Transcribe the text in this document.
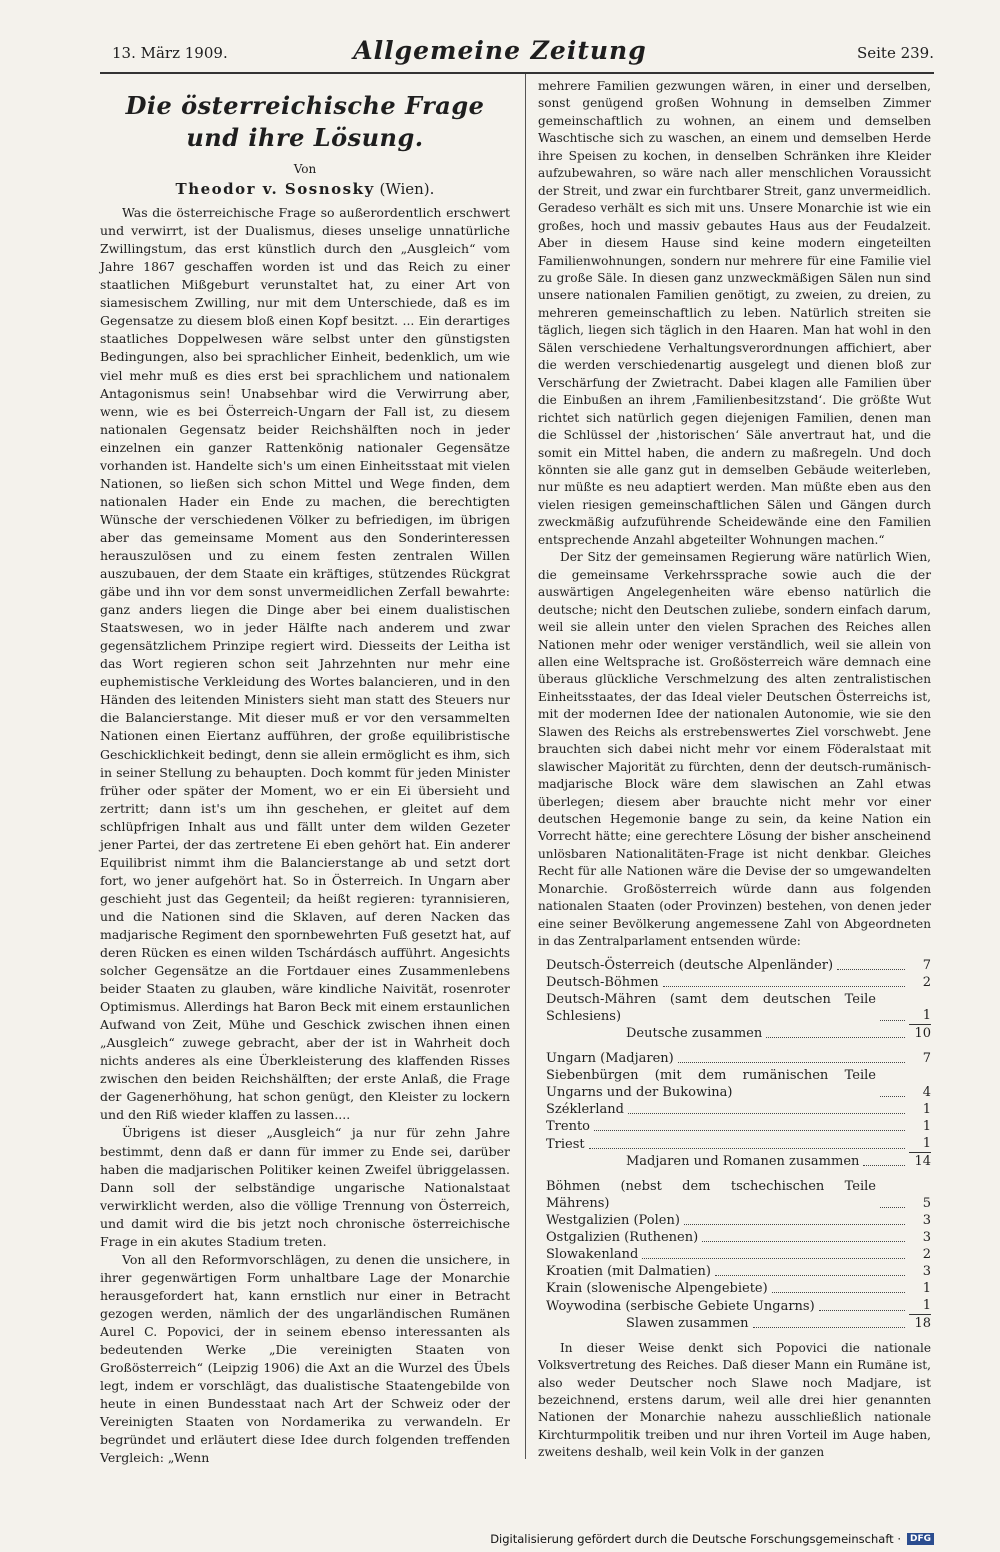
13. März 1909.	Allgemeine Zeitung	Seite 239.
Die österreichische Frage und ihre Lösung.
Von
Theodor v. Sosnosky (Wien).

Was die österreichische Frage so außerordentlich erschwert und verwirrt, ist der Dualismus, dieses unselige unnatürliche Zwillingstum, das erst künstlich durch den „Ausgleich“ vom Jahre 1867 geschaffen worden ist und das Reich zu einer staatlichen Mißgeburt verunstaltet hat, zu einer Art von siamesischem Zwilling, nur mit dem Unterschiede, daß es im Gegensatze zu diesem bloß einen Kopf besitzt. ... Ein derartiges staatliches Doppelwesen wäre selbst unter den günstigsten Bedingungen, also bei sprachlicher Einheit, bedenklich, um wie viel mehr muß es dies erst bei sprachlichem und nationalem Antagonismus sein! Unabsehbar wird die Verwirrung aber, wenn, wie es bei Österreich-Ungarn der Fall ist, zu diesem nationalen Gegensatz beider Reichshälften noch in jeder einzelnen ein ganzer Rattenkönig nationaler Gegensätze vorhanden ist. Handelte sich's um einen Einheitsstaat mit vielen Nationen, so ließen sich schon Mittel und Wege finden, dem nationalen Hader ein Ende zu machen, die berechtigten Wünsche der verschiedenen Völker zu befriedigen, im übrigen aber das gemeinsame Moment aus den Sonderinteressen herauszulösen und zu einem festen zentralen Willen auszubauen, der dem Staate ein kräftiges, stützendes Rückgrat gäbe und ihn vor dem sonst unvermeidlichen Zerfall bewahrte: ganz anders liegen die Dinge aber bei einem dualistischen Staatswesen, wo in jeder Hälfte nach anderem und zwar gegensätzlichem Prinzipe regiert wird. Diesseits der Leitha ist das Wort regieren schon seit Jahrzehnten nur mehr eine euphemistische Verkleidung des Wortes balancieren, und in den Händen des leitenden Ministers sieht man statt des Steuers nur die Balancierstange. Mit dieser muß er vor den versammelten Nationen einen Eiertanz aufführen, der große equilibristische Geschicklichkeit bedingt, denn sie allein ermöglicht es ihm, sich in seiner Stellung zu behaupten. Doch kommt für jeden Minister früher oder später der Moment, wo er ein Ei übersieht und zertritt; dann ist's um ihn geschehen, er gleitet auf dem schlüpfrigen Inhalt aus und fällt unter dem wilden Gezeter jener Partei, der das zertretene Ei eben gehört hat. Ein anderer Equilibrist nimmt ihm die Balancierstange ab und setzt dort fort, wo jener aufgehört hat. So in Österreich. In Ungarn aber geschieht just das Gegenteil; da heißt regieren: tyrannisieren, und die Nationen sind die Sklaven, auf deren Nacken das madjarische Regiment den spornbewehrten Fuß gesetzt hat, auf deren Rücken es einen wilden Tschárdásch aufführt. Angesichts solcher Gegensätze an die Fortdauer eines Zusammenlebens beider Staaten zu glauben, wäre kindliche Naivität, rosenroter Optimismus. Allerdings hat Baron Beck mit einem erstaunlichen Aufwand von Zeit, Mühe und Geschick zwischen ihnen einen „Ausgleich“ zuwege gebracht, aber der ist in Wahrheit doch nichts anderes als eine Überkleisterung des klaffenden Risses zwischen den beiden Reichshälften; der erste Anlaß, die Frage der Gagenerhöhung, hat schon genügt, den Kleister zu lockern und den Riß wieder klaffen zu lassen....

Übrigens ist dieser „Ausgleich“ ja nur für zehn Jahre bestimmt, denn daß er dann für immer zu Ende sei, darüber haben die madjarischen Politiker keinen Zweifel übriggelassen. Dann soll der selbständige ungarische Nationalstaat verwirklicht werden, also die völlige Trennung von Österreich, und damit wird die bis jetzt noch chronische österreichische Frage in ein akutes Stadium treten.

Von all den Reformvorschlägen, zu denen die unsichere, in ihrer gegenwärtigen Form unhaltbare Lage der Monarchie herausgefordert hat, kann ernstlich nur einer in Betracht gezogen werden, nämlich der des ungarländischen Rumänen Aurel C. Popovici, der in seinem ebenso interessanten als bedeutenden Werke „Die vereinigten Staaten von Großösterreich“ (Leipzig 1906) die Axt an die Wurzel des Übels legt, indem er vorschlägt, das dualistische Staatengebilde von heute in einen Bundesstaat nach Art der Schweiz oder der Vereinigten Staaten von Nordamerika zu verwandeln. Er begründet und erläutert diese Idee durch folgenden treffenden Vergleich: „Wenn

mehrere Familien gezwungen wären, in einer und derselben, sonst genügend großen Wohnung in demselben Zimmer gemeinschaftlich zu wohnen, an einem und demselben Waschtische sich zu waschen, an einem und demselben Herde ihre Speisen zu kochen, in denselben Schränken ihre Kleider aufzubewahren, so wäre nach aller menschlichen Voraussicht der Streit, und zwar ein furchtbarer Streit, ganz unvermeidlich. Geradeso verhält es sich mit uns. Unsere Monarchie ist wie ein großes, hoch und massiv gebautes Haus aus der Feudalzeit. Aber in diesem Hause sind keine modern eingeteilten Familienwohnungen, sondern nur mehrere für eine Familie viel zu große Säle. In diesen ganz unzweckmäßigen Sälen nun sind unsere nationalen Familien genötigt, zu zweien, zu dreien, zu mehreren gemeinschaftlich zu leben. Natürlich streiten sie täglich, liegen sich täglich in den Haaren. Man hat wohl in den Sälen verschiedene Verhaltungsverordnungen affichiert, aber die werden verschiedenartig ausgelegt und dienen bloß zur Verschärfung der Zwietracht. Dabei klagen alle Familien über die Einbußen an ihrem ‚Familienbesitzstand‘. Die größte Wut richtet sich natürlich gegen diejenigen Familien, denen man die Schlüssel der ‚historischen‘ Säle anvertraut hat, und die somit ein Mittel haben, die andern zu maßregeln. Und doch könnten sie alle ganz gut in demselben Gebäude weiterleben, nur müßte es neu adaptiert werden. Man müßte eben aus den vielen riesigen gemeinschaftlichen Sälen und Gängen durch zweckmäßig aufzuführende Scheidewände eine den Familien entsprechende Anzahl abgeteilter Wohnungen machen.“

Der Sitz der gemeinsamen Regierung wäre natürlich Wien, die gemeinsame Verkehrssprache sowie auch die der auswärtigen Angelegenheiten wäre ebenso natürlich die deutsche; nicht den Deutschen zuliebe, sondern einfach darum, weil sie allein unter den vielen Sprachen des Reiches allen Nationen mehr oder weniger verständlich, weil sie allein von allen eine Weltsprache ist. Großösterreich wäre demnach eine überaus glückliche Verschmelzung des alten zentralistischen Einheitsstaates, der das Ideal vieler Deutschen Österreichs ist, mit der modernen Idee der nationalen Autonomie, wie sie den Slawen des Reichs als erstrebenswertes Ziel vorschwebt. Jene brauchten sich dabei nicht mehr vor einem Föderalstaat mit slawischer Majorität zu fürchten, denn der deutsch-rumänisch-madjarische Block wäre dem slawischen an Zahl etwas überlegen; diesem aber brauchte nicht mehr vor einer deutschen Hegemonie bange zu sein, da keine Nation ein Vorrecht hätte; eine gerechtere Lösung der bisher anscheinend unlösbaren Nationalitäten-Frage ist nicht denkbar. Gleiches Recht für alle Nationen wäre die Devise der so umgewandelten Monarchie. Großösterreich würde dann aus folgenden nationalen Staaten (oder Provinzen) bestehen, von denen jeder eine seiner Bevölkerung angemessene Zahl von Abgeordneten in das Zentralparlament entsenden würde:

Deutsch-Österreich (deutsche Alpenländer)	7
Deutsch-Böhmen	2
Deutsch-Mähren (samt dem deutschen Teile Schlesiens)	1
Deutsche zusammen	10
Ungarn (Madjaren)	7
Siebenbürgen (mit dem rumänischen Teile Ungarns und der Bukowina)	4
Széklerland	1
Trento	1
Triest	1
Madjaren und Romanen zusammen	14
Böhmen (nebst dem tschechischen Teile Mährens)	5
Westgalizien (Polen)	3
Ostgalizien (Ruthenen)	3
Slowakenland	2
Kroatien (mit Dalmatien)	3
Krain (slowenische Alpengebiete)	1
Woywodina (serbische Gebiete Ungarns)	1
Slawen zusammen	18

In dieser Weise denkt sich Popovici die nationale Volksvertretung des Reiches. Daß dieser Mann ein Rumäne ist, also weder Deutscher noch Slawe noch Madjare, ist bezeichnend, erstens darum, weil alle drei hier genannten Nationen der Monarchie nahezu ausschließlich nationale Kirchturmpolitik treiben und nur ihren Vorteil im Auge haben, zweitens deshalb, weil kein Volk in der ganzen

Digitalisierung gefördert durch die Deutsche Forschungsgemeinschaft ·	DFG
